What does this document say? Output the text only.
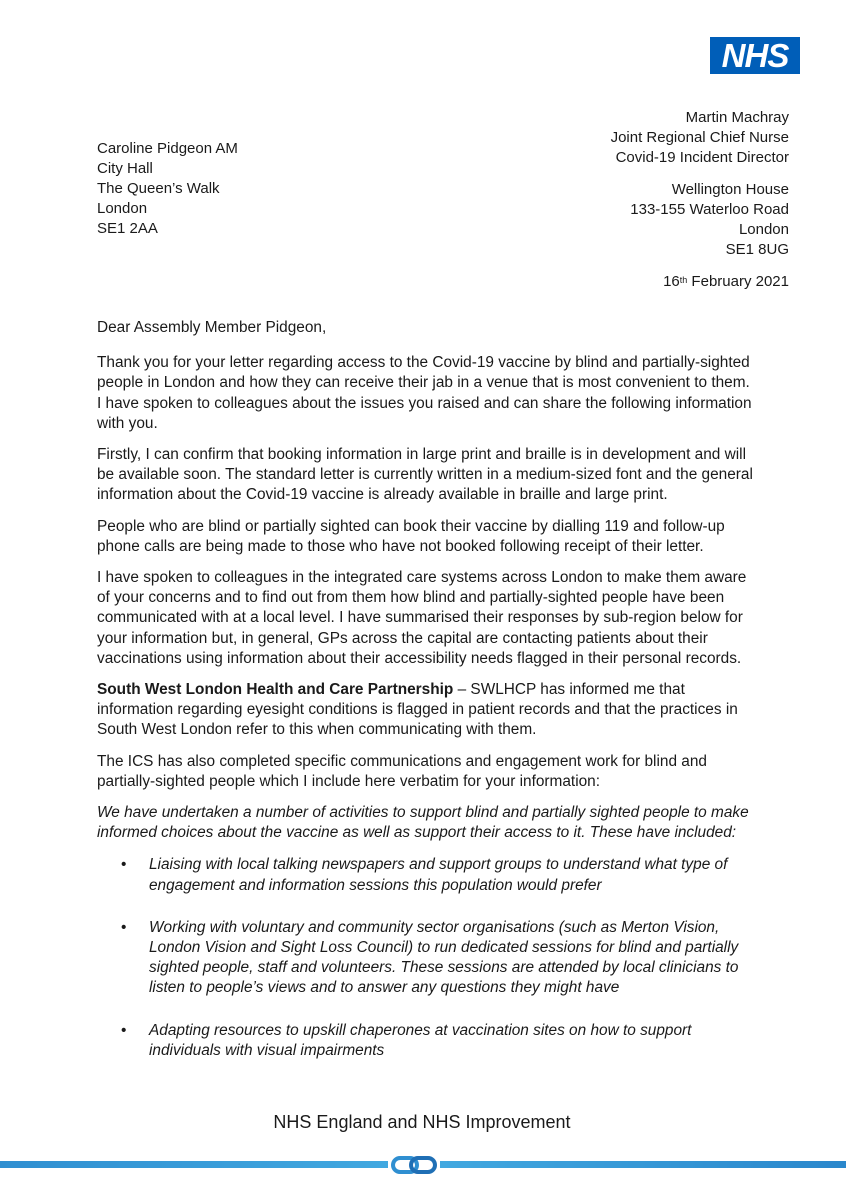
NHS
Martin Machray
Joint Regional Chief Nurse
Covid-19 Incident Director
Wellington House
133-155 Waterloo Road
London
SE1 8UG
Caroline Pidgeon AM
City Hall
The Queen’s Walk
London
SE1 2AA
16th February 2021

Dear Assembly Member Pidgeon,

Thank you for your letter regarding access to the Covid-19 vaccine by blind and partially-sighted people in London and how they can receive their jab in a venue that is most convenient to them. I have spoken to colleagues about the issues you raised and can share the following information with you.

Firstly, I can confirm that booking information in large print and braille is in development and will be available soon. The standard letter is currently written in a medium-sized font and the general information about the Covid-19 vaccine is already available in braille and large print.

People who are blind or partially sighted can book their vaccine by dialling 119 and follow-up phone calls are being made to those who have not booked following receipt of their letter.

I have spoken to colleagues in the integrated care systems across London to make them aware of your concerns and to find out from them how blind and partially-sighted people have been communicated with at a local level. I have summarised their responses by sub-region below for your information but, in general, GPs across the capital are contacting patients about their vaccinations using information about their accessibility needs flagged in their personal records.

South West London Health and Care Partnership – SWLHCP has informed me that information regarding eyesight conditions is flagged in patient records and that the practices in South West London refer to this when communicating with them.

The ICS has also completed specific communications and engagement work for blind and partially-sighted people which I include here verbatim for your information:

We have undertaken a number of activities to support blind and partially sighted people to make informed choices about the vaccine as well as support their access to it. These have included:

• Liaising with local talking newspapers and support groups to understand what type of engagement and information sessions this population would prefer
• Working with voluntary and community sector organisations (such as Merton Vision, London Vision and Sight Loss Council) to run dedicated sessions for blind and partially sighted people, staff and volunteers. These sessions are attended by local clinicians to listen to people’s views and to answer any questions they might have
• Adapting resources to upskill chaperones at vaccination sites on how to support individuals with visual impairments
NHS England and NHS Improvement
